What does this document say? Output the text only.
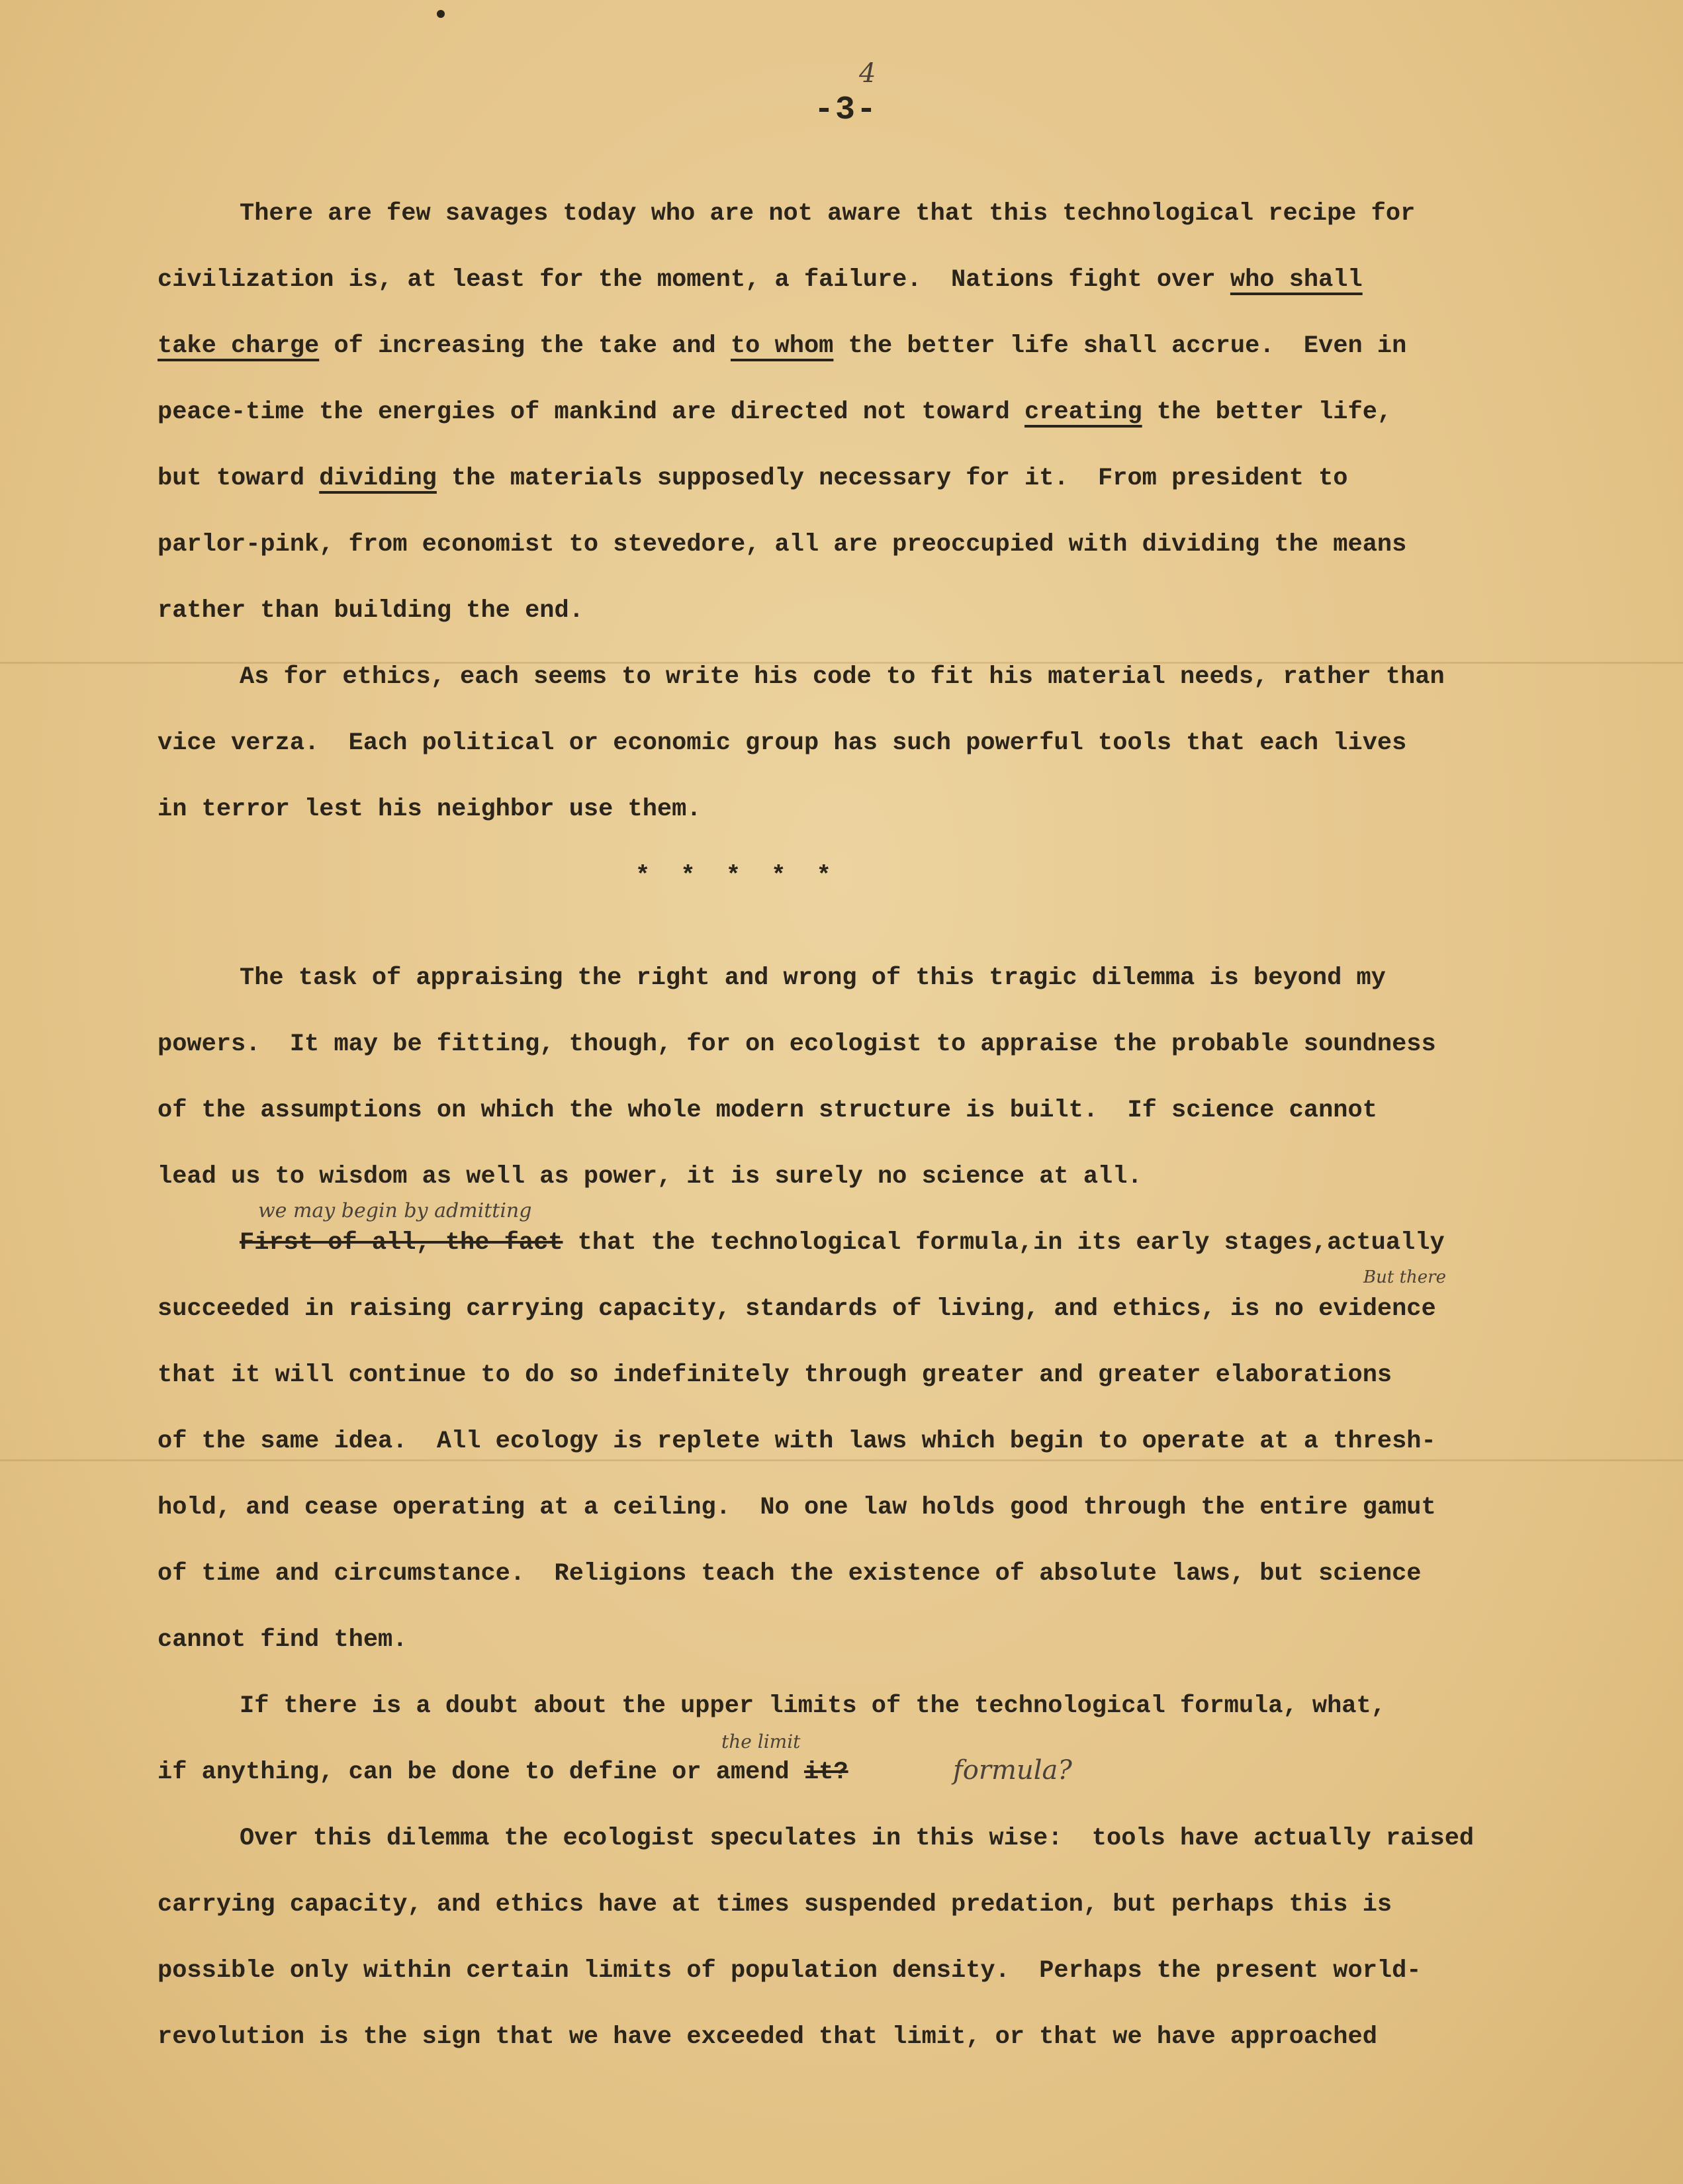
-3-
4
There are few savages today who are not aware that this technological recipe for
civilization is, at least for the moment, a failure.  Nations fight over who shall
take charge of increasing the take and to whom the better life shall accrue.  Even in
peace-time the energies of mankind are directed not toward creating the better life,
but toward dividing the materials supposedly necessary for it.  From president to
parlor-pink, from economist to stevedore, all are preoccupied with dividing the means
rather than building the end.
As for ethics, each seems to write his code to fit his material needs, rather than
vice verza.  Each political or economic group has such powerful tools that each lives
in terror lest his neighbor use them.
* * * * *
The task of appraising the right and wrong of this tragic dilemma is beyond my
powers.  It may be fitting, though, for on ecologist to appraise the probable soundness
of the assumptions on which the whole modern structure is built.  If science cannot
lead us to wisdom as well as power, it is surely no science at all.
we may begin by admitting
First of all, the fact that the technological formula,in its early stages,actually
But there
succeeded in raising carrying capacity, standards of living, and ethics, is no evidence
that it will continue to do so indefinitely through greater and greater elaborations
of the same idea.  All ecology is replete with laws which begin to operate at a thresh-
hold, and cease operating at a ceiling.  No one law holds good through the entire gamut
of time and circumstance.  Religions teach the existence of absolute laws, but science
cannot find them.
If there is a doubt about the upper limits of the technological formula, what,
the limit
if anything, can be done to define or amend it?	formula?
Over this dilemma the ecologist speculates in this wise:  tools have actually raised
carrying capacity, and ethics have at times suspended predation, but perhaps this is
possible only within certain limits of population density.  Perhaps the present world-
revolution is the sign that we have exceeded that limit, or that we have approached
